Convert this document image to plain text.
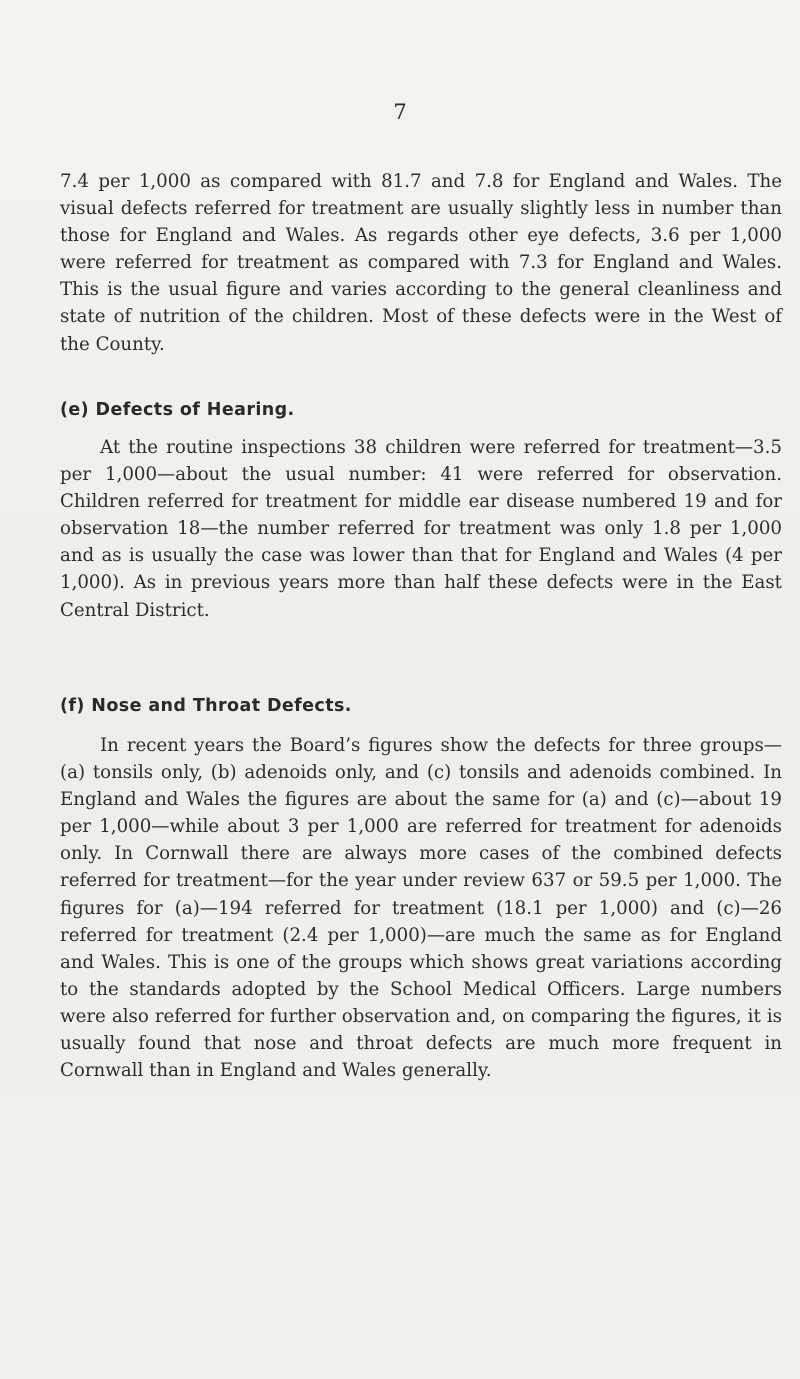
7

7.4 per 1,000 as compared with 81.7 and 7.8 for England and Wales. The visual defects referred for treatment are usually slightly less in number than those for England and Wales. As regards other eye defects, 3.6 per 1,000 were referred for treatment as compared with 7.3 for England and Wales. This is the usual figure and varies according to the general cleanliness and state of nutrition of the children. Most of these defects were in the West of the County.

(e) Defects of Hearing.

At the routine inspections 38 children were referred for treatment—3.5 per 1,000—about the usual number: 41 were referred for observation. Children referred for treatment for middle ear disease numbered 19 and for observation 18—the number referred for treatment was only 1.8 per 1,000 and as is usually the case was lower than that for England and Wales (4 per 1,000). As in previous years more than half these defects were in the East Central District.

(f) Nose and Throat Defects.

In recent years the Board’s figures show the defects for three groups—(a) tonsils only, (b) adenoids only, and (c) tonsils and adenoids combined. In England and Wales the figures are about the same for (a) and (c)—about 19 per 1,000—while about 3 per 1,000 are referred for treatment for adenoids only. In Cornwall there are always more cases of the combined defects referred for treatment—for the year under review 637 or 59.5 per 1,000. The figures for (a)—194 referred for treatment (18.1 per 1,000) and (c)—26 referred for treatment (2.4 per 1,000)—are much the same as for England and Wales. This is one of the groups which shows great variations according to the standards adopted by the School Medical Officers. Large numbers were also referred for further observation and, on comparing the figures, it is usually found that nose and throat defects are much more frequent in Cornwall than in England and Wales generally.
